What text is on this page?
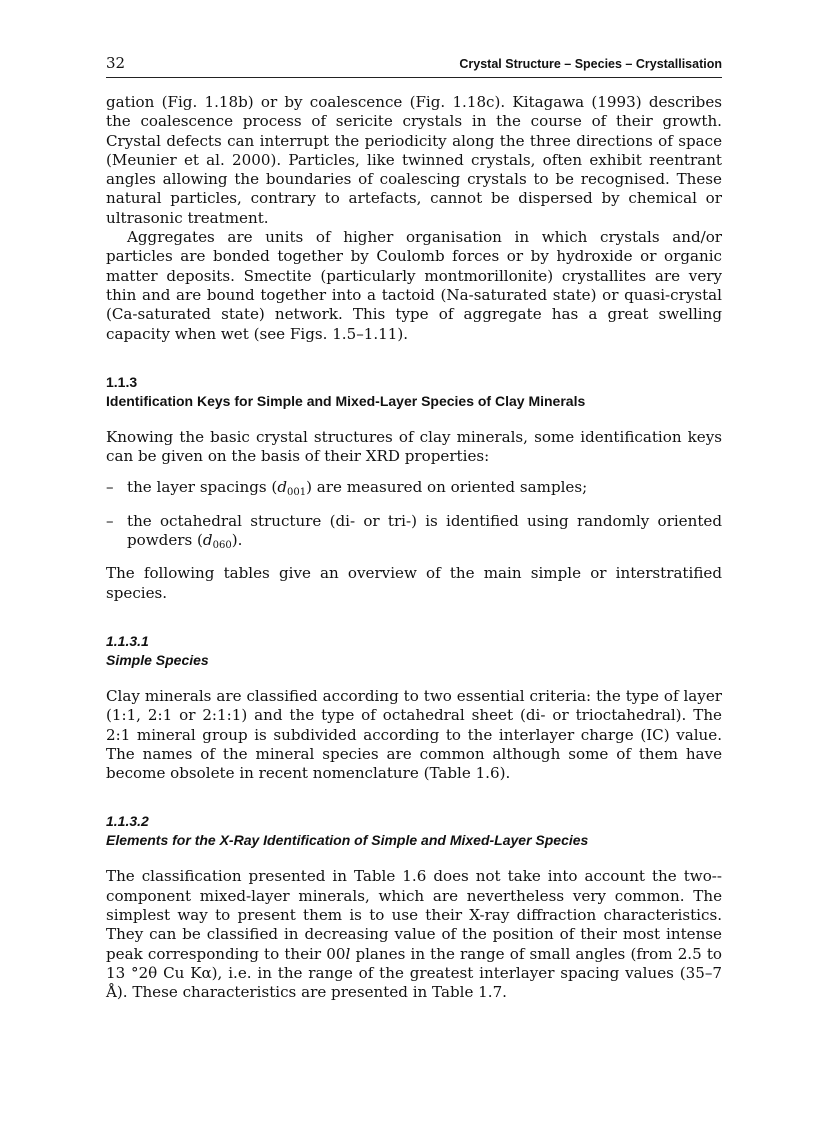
32	Crystal Structure – Species – Crystallisation

gation (Fig. 1.18b) or by coalescence (Fig. 1.18c). Kitagawa (1993) describes the coalescence process of sericite crystals in the course of their growth. Crystal defects can interrupt the periodicity along the three directions of space (Meunier et al. 2000). Particles, like twinned crystals, often exhibit reentrant angles allowing the boundaries of coalescing crystals to be recognised. These natural particles, contrary to artefacts, cannot be dispersed by chemical or ultrasonic treatment.

Aggregates are units of higher organisation in which crystals and/or particles are bonded together by Coulomb forces or by hydroxide or organic matter deposits. Smectite (particularly montmorillonite) crystallites are very thin and are bound together into a tactoid (Na-saturated state) or quasi-crystal (Ca-saturated state) network. This type of aggregate has a great swelling capacity when wet (see Figs. 1.5–1.11).

1.1.3
Identification Keys for Simple and Mixed-Layer Species of Clay Minerals

Knowing the basic crystal structures of clay minerals, some identification keys can be given on the basis of their XRD properties:

– the layer spacings $(d_{001})$ are measured on oriented samples;
– the octahedral structure (di- or tri-) is identified using randomly oriented powders $(d_{060})$.

The following tables give an overview of the main simple or interstratified species.

1.1.3.1
Simple Species

Clay minerals are classified according to two essential criteria: the type of layer (1:1, 2:1 or 2:1:1) and the type of octahedral sheet (di- or trioctahedral). The 2:1 mineral group is subdivided according to the interlayer charge (IC) value. The names of the mineral species are common although some of them have become obsolete in recent nomenclature (Table 1.6).

1.1.3.2
Elements for the X-Ray Identification of Simple and Mixed-Layer Species

The classification presented in Table 1.6 does not take into account the two-component mixed-layer minerals, which are nevertheless very common. The simplest way to present them is to use their X-ray diffraction characteristics. They can be classified in decreasing value of the position of their most intense peak corresponding to their 00l planes in the range of small angles (from 2.5 to 13 °2θ Cu Kα), i.e. in the range of the greatest interlayer spacing values (35–7 Å). These characteristics are presented in Table 1.7.
